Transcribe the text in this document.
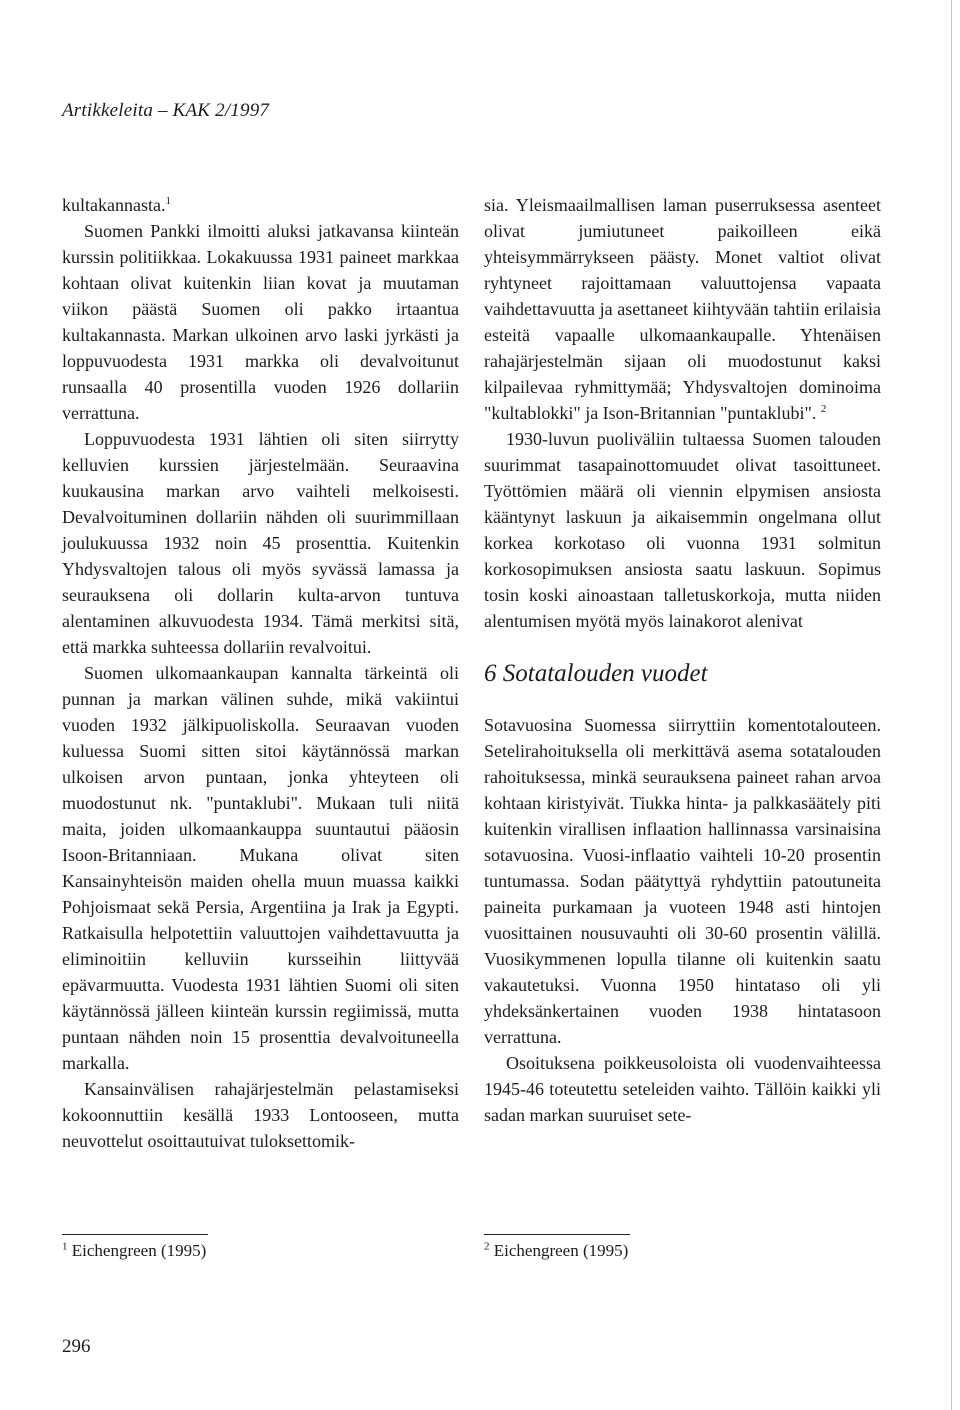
Artikkeleita – KAK 2/1997

kultakannasta.$^1$

Suomen Pankki ilmoitti aluksi jatkavansa kiinteän kurssin politiikkaa. Lokakuussa 1931 paineet markkaa kohtaan olivat kuitenkin liian kovat ja muutaman viikon päästä Suomen oli pakko irtaantua kultakannasta. Markan ulkoinen arvo laski jyrkästi ja loppuvuodesta 1931 markka oli devalvoitunut runsaalla 40 prosentilla vuoden 1926 dollariin verrattuna.

Loppuvuodesta 1931 lähtien oli siten siirrytty kelluvien kurssien järjestelmään. Seuraavina kuukausina markan arvo vaihteli melkoisesti. Devalvoituminen dollariin nähden oli suurimmillaan joulukuussa 1932 noin 45 prosenttia. Kuitenkin Yhdysvaltojen talous oli myös syvässä lamassa ja seurauksena oli dollarin kulta-arvon tuntuva alentaminen alkuvuodesta 1934. Tämä merkitsi sitä, että markka suhteessa dollariin revalvoitui.

Suomen ulkomaankaupan kannalta tärkeintä oli punnan ja markan välinen suhde, mikä vakiintui vuoden 1932 jälkipuoliskolla. Seuraavan vuoden kuluessa Suomi sitten sitoi käytännössä markan ulkoisen arvon puntaan, jonka yhteyteen oli muodostunut nk. "puntaklubi". Mukaan tuli niitä maita, joiden ulkomaankauppa suuntautui pääosin Isoon-Britanniaan. Mukana olivat siten Kansainyhteisön maiden ohella muun muassa kaikki Pohjoismaat sekä Persia, Argentiina ja Irak ja Egypti. Ratkaisulla helpotettiin valuuttojen vaihdettavuutta ja eliminoitiin kelluviin kursseihin liittyvää epävarmuutta. Vuodesta 1931 lähtien Suomi oli siten käytännössä jälleen kiinteän kurssin regiimissä, mutta puntaan nähden noin 15 prosenttia devalvoituneella markalla.

Kansainvälisen rahajärjestelmän pelastamiseksi kokoonnuttiin kesällä 1933 Lontooseen, mutta neuvottelut osoittautuivat tuloksettomik-

sia. Yleismaailmallisen laman puserruksessa asenteet olivat jumiutuneet paikoilleen eikä yhteisymmärrykseen päästy. Monet valtiot olivat ryhtyneet rajoittamaan valuuttojensa vapaata vaihdettavuutta ja asettaneet kiihtyvään tahtiin erilaisia esteitä vapaalle ulkomaankaupalle. Yhtenäisen rahajärjestelmän sijaan oli muodostunut kaksi kilpailevaa ryhmittymää; Yhdysvaltojen dominoima "kultablokki" ja Ison-Britannian "puntaklubi". $^2$

1930-luvun puoliväliin tultaessa Suomen talouden suurimmat tasapainottomuudet olivat tasoittuneet. Työttömien määrä oli viennin elpymisen ansiosta kääntynyt laskuun ja aikaisemmin ongelmana ollut korkea korkotaso oli vuonna 1931 solmitun korkosopimuksen ansiosta saatu laskuun. Sopimus tosin koski ainoastaan talletuskorkoja, mutta niiden alentumisen myötä myös lainakorot alenivat

6 Sotatalouden vuodet

Sotavuosina Suomessa siirryttiin komentotalouteen. Setelirahoituksella oli merkittävä asema sotatalouden rahoituksessa, minkä seurauksena paineet rahan arvoa kohtaan kiristyivät. Tiukka hinta- ja palkkasäätely piti kuitenkin virallisen inflaation hallinnassa varsinaisina sotavuosina. Vuosi-inflaatio vaihteli 10-20 prosentin tuntumassa. Sodan päätyttyä ryhdyttiin patoutuneita paineita purkamaan ja vuoteen 1948 asti hintojen vuosittainen nousuvauhti oli 30-60 prosentin välillä. Vuosikymmenen lopulla tilanne oli kuitenkin saatu vakautetuksi. Vuonna 1950 hintataso oli yli yhdeksänkertainen vuoden 1938 hintatasoon verrattuna.

Osoituksena poikkeusoloista oli vuodenvaihteessa 1945-46 toteutettu seteleiden vaihto. Tällöin kaikki yli sadan markan suuruiset sete-

$^1$ Eichengreen (1995)	$^2$ Eichengreen (1995)
296
